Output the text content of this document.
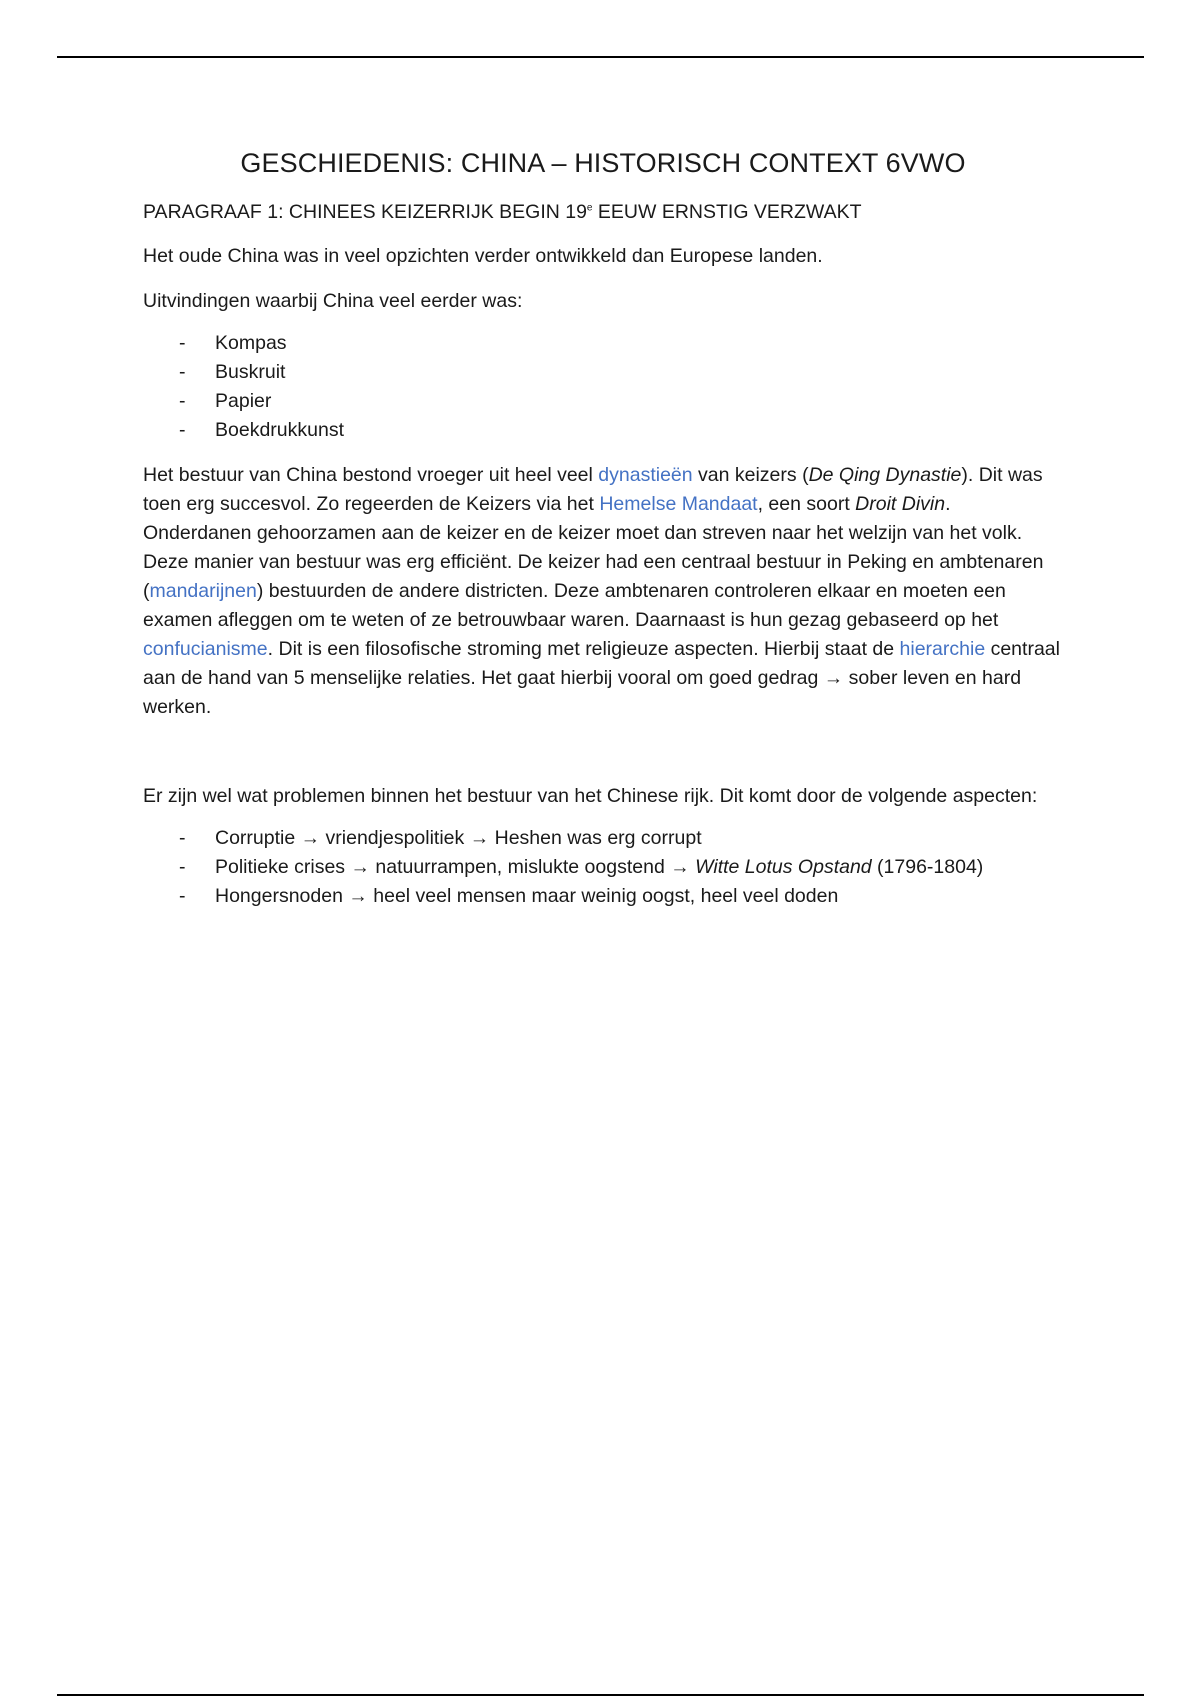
GESCHIEDENIS: CHINA – HISTORISCH CONTEXT 6VWO
PARAGRAAF 1: CHINEES KEIZERRIJK BEGIN 19e EEUW ERNSTIG VERZWAKT

Het oude China was in veel opzichten verder ontwikkeld dan Europese landen.

Uitvindingen waarbij China veel eerder was:

- Kompas
- Buskruit
- Papier
- Boekdrukkunst

Het bestuur van China bestond vroeger uit heel veel dynastieën van keizers (De Qing Dynastie). Dit was toen erg succesvol. Zo regeerden de Keizers via het Hemelse Mandaat, een soort Droit Divin. Onderdanen gehoorzamen aan de keizer en de keizer moet dan streven naar het welzijn van het volk. Deze manier van bestuur was erg efficiënt. De keizer had een centraal bestuur in Peking en ambtenaren (mandarijnen) bestuurden de andere districten. Deze ambtenaren controleren elkaar en moeten een examen afleggen om te weten of ze betrouwbaar waren. Daarnaast is hun gezag gebaseerd op het confucianisme. Dit is een filosofische stroming met religieuze aspecten. Hierbij staat de hierarchie centraal aan de hand van 5 menselijke relaties. Het gaat hierbij vooral om goed gedrag → sober leven en hard werken.

Er zijn wel wat problemen binnen het bestuur van het Chinese rijk. Dit komt door de volgende aspecten:

- Corruptie → vriendjespolitiek → Heshen was erg corrupt
- Politieke crises → natuurrampen, mislukte oogstend → Witte Lotus Opstand (1796-1804)
- Hongersnoden → heel veel mensen maar weinig oogst, heel veel doden
